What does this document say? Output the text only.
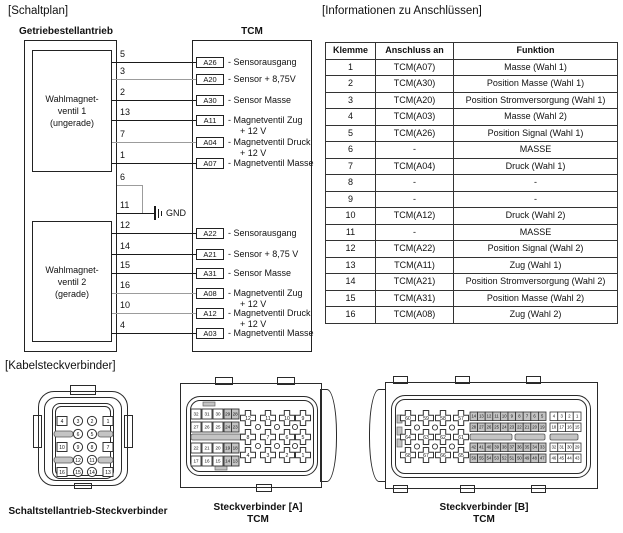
[Schaltplan]
Getriebestellantrieb
Wahlmagnet-
ventil 1
(ungerade)
Wahlmagnet-
ventil 2
(gerade)
TCM
6
11
GND
[Informationen zu Anschlüssen]
Klemme	Anschluss an	Funktion
1	TCM(A07)	Masse (Wahl 1)
2	TCM(A30)	Position Masse (Wahl 1)
3	TCM(A20)	Position Stromversorgung (Wahl 1)
4	TCM(A03)	Masse (Wahl 2)
5	TCM(A26)	Position Signal (Wahl 1)
6	-	MASSE
7	TCM(A04)	Druck (Wahl 1)
8	-	-
9	-	-
10	TCM(A12)	Druck (Wahl 2)
11	-	MASSE
12	TCM(A22)	Position Signal (Wahl 2)
13	TCM(A11)	Zug (Wahl 1)
14	TCM(A21)	Position Stromversorgung (Wahl 2)
15	TCM(A31)	Position Masse (Wahl 2)
16	TCM(A08)	Zug (Wahl 2)
[Kabelsteckverbinder]
4	3 2	1
6 5
10 9 8	7
12 11
16 15 14 13
Schaltstellantrieb-Steckverbinder
32 31 30 29 28
27 26 25 24 23
22 21 20 19 18
17 16 15 14 13
12	11	10 9
8	7	6	5
4	3	2	1
Steckverbinder [A]
TCM
60 59 58 57
64 63 62 61
68 67 66 65
14 13 12 11 10 9 8 7 6 5 4 3 2 1
28 27 26 25 24 23 22 21 20 19 18 17 16 15
42 41 40 39 38 37 36 35 34 33 32 31 30 29
56 55 54 53 52 51 50 49 48 47 46 45 44 43
Steckverbinder [B]
TCM
5
A26	- Sensorausgang
3
A20	- Sensor + 8,75V
2
A30	- Sensor Masse
13
A11	- Magnetventil Zug
+ 12 V
7
A04	- Magnetventil Druck
+ 12 V
1
A07	- Magnetventil Masse
12
A22	- Sensorausgang
14
A21	- Sensor + 8,75 V
15
A31	- Sensor Masse
16
A08	- Magnetventil Zug
+ 12 V
10
A12	- Magnetventil Druck
+ 12 V
4
A03	- Magnetventil Masse
